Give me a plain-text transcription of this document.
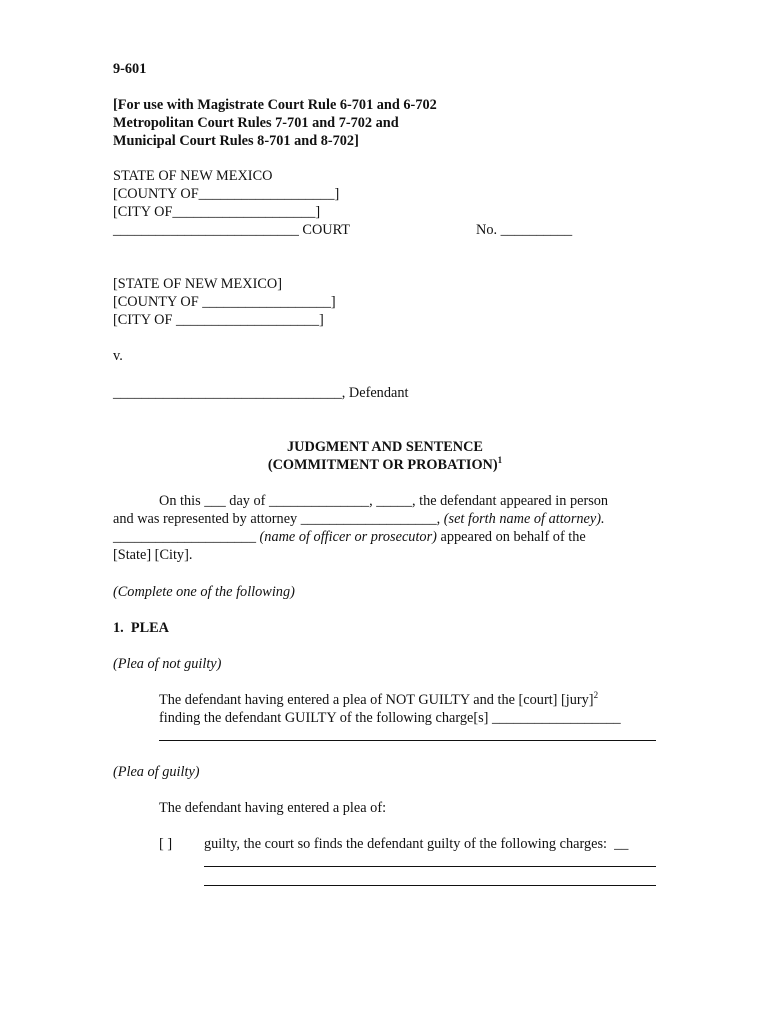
9-601
[For use with Magistrate Court Rule 6-701 and 6-702
Metropolitan Court Rules 7-701 and 7-702 and
Municipal Court Rules 8-701 and 8-702]
STATE OF NEW MEXICO
[COUNTY OF___________________]
[CITY OF____________________]
__________________________ COURT	No. __________
[STATE OF NEW MEXICO]
[COUNTY OF __________________]
[CITY OF ____________________]
v.
________________________________, Defendant
JUDGMENT AND SENTENCE
(COMMITMENT OR PROBATION)$^1$
On this ___ day of ______________, _____, the defendant appeared in person
and was represented by attorney ___________________, (set forth name of attorney).
____________________ (name of officer or prosecutor) appeared on behalf of the
[State] [City].
(Complete one of the following)
1.  PLEA
(Plea of not guilty)
The defendant having entered a plea of NOT GUILTY and the [court] [jury]$^2$
finding the defendant GUILTY of the following charge[s] __________________
(Plea of guilty)
The defendant having entered a plea of:
[ ] guilty, the court so finds the defendant guilty of the following charges:  __
